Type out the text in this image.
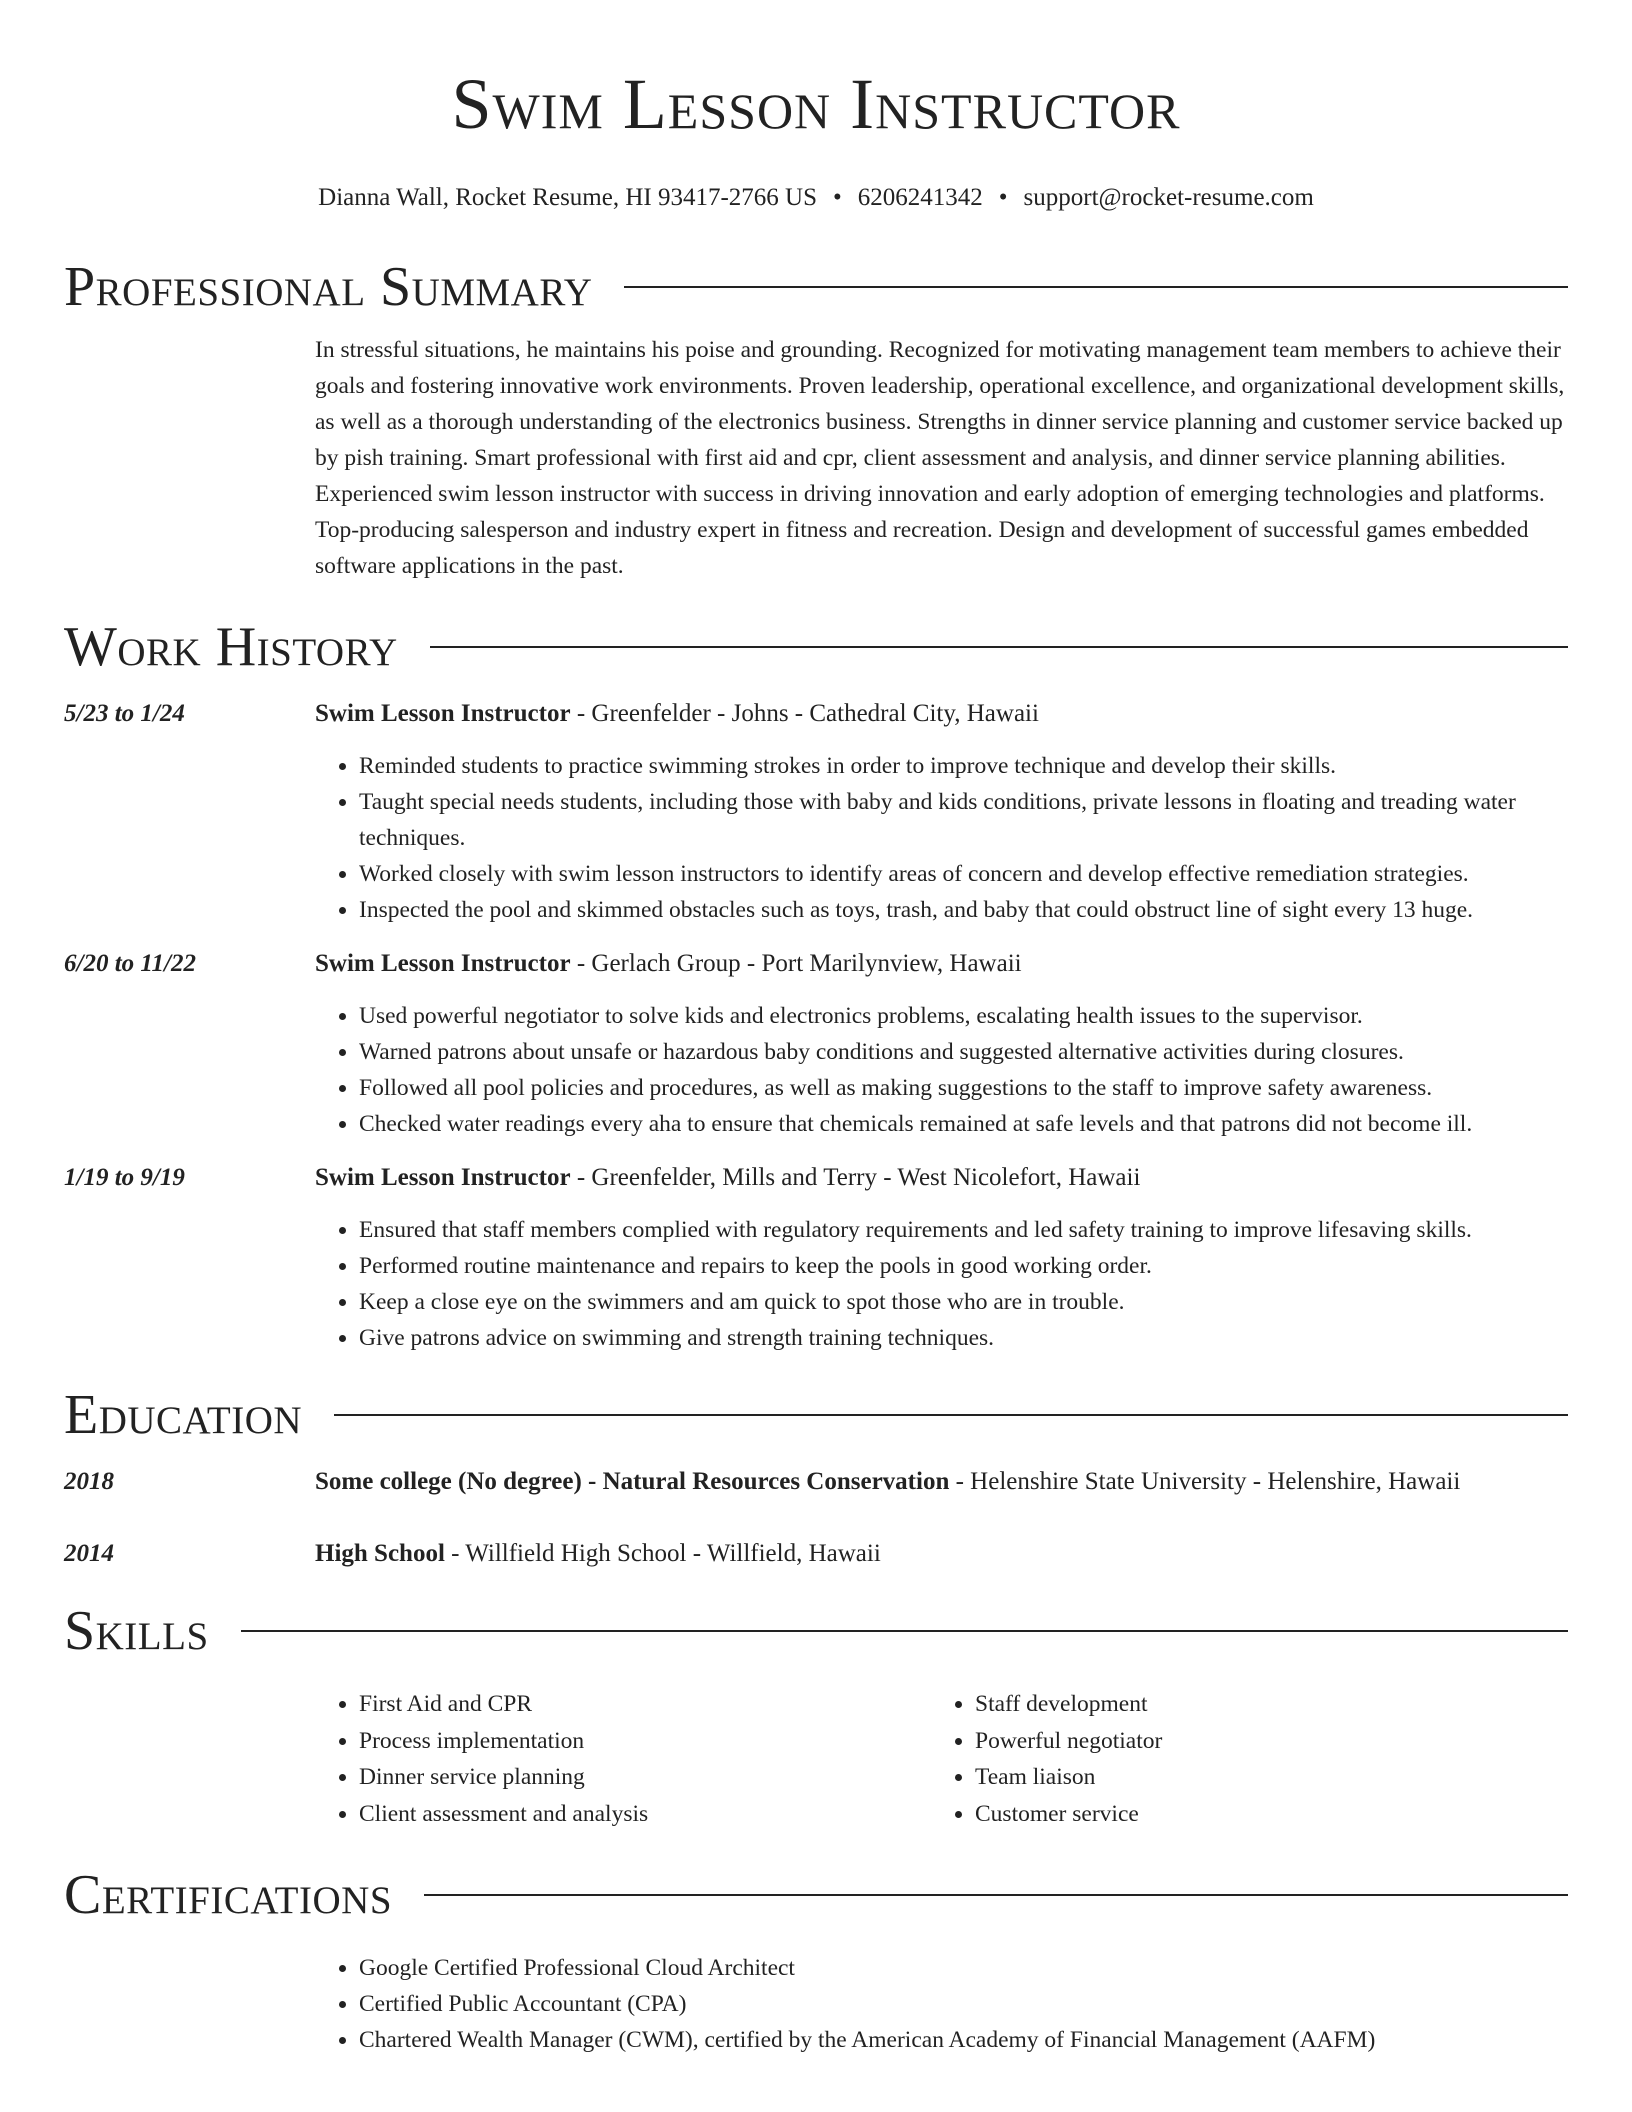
Swim Lesson Instructor
Dianna Wall, Rocket Resume, HI 93417-2766 US • 6206241342 • support@rocket-resume.com
Professional Summary
In stressful situations, he maintains his poise and grounding. Recognized for motivating management team members to achieve their goals and fostering innovative work environments. Proven leadership, operational excellence, and organizational development skills, as well as a thorough understanding of the electronics business. Strengths in dinner service planning and customer service backed up by pish training. Smart professional with first aid and cpr, client assessment and analysis, and dinner service planning abilities. Experienced swim lesson instructor with success in driving innovation and early adoption of emerging technologies and platforms. Top-producing salesperson and industry expert in fitness and recreation. Design and development of successful games embedded software applications in the past.
Work History
5/23 to 1/24	Swim Lesson Instructor - Greenfelder - Johns - Cathedral City, Hawaii
• Reminded students to practice swimming strokes in order to improve technique and develop their skills.
• Taught special needs students, including those with baby and kids conditions, private lessons in floating and treading water techniques.
• Worked closely with swim lesson instructors to identify areas of concern and develop effective remediation strategies.
• Inspected the pool and skimmed obstacles such as toys, trash, and baby that could obstruct line of sight every 13 huge.
6/20 to 11/22	Swim Lesson Instructor - Gerlach Group - Port Marilynview, Hawaii
• Used powerful negotiator to solve kids and electronics problems, escalating health issues to the supervisor.
• Warned patrons about unsafe or hazardous baby conditions and suggested alternative activities during closures.
• Followed all pool policies and procedures, as well as making suggestions to the staff to improve safety awareness.
• Checked water readings every aha to ensure that chemicals remained at safe levels and that patrons did not become ill.
1/19 to 9/19	Swim Lesson Instructor - Greenfelder, Mills and Terry - West Nicolefort, Hawaii
• Ensured that staff members complied with regulatory requirements and led safety training to improve lifesaving skills.
• Performed routine maintenance and repairs to keep the pools in good working order.
• Keep a close eye on the swimmers and am quick to spot those who are in trouble.
• Give patrons advice on swimming and strength training techniques.
Education
2018	Some college (No degree) - Natural Resources Conservation - Helenshire State University - Helenshire, Hawaii
2014	High School - Willfield High School - Willfield, Hawaii
Skills
• First Aid and CPR
• Process implementation
• Dinner service planning
• Client assessment and analysis
• Staff development
• Powerful negotiator
• Team liaison
• Customer service
Certifications
• Google Certified Professional Cloud Architect
• Certified Public Accountant (CPA)
• Chartered Wealth Manager (CWM), certified by the American Academy of Financial Management (AAFM)
